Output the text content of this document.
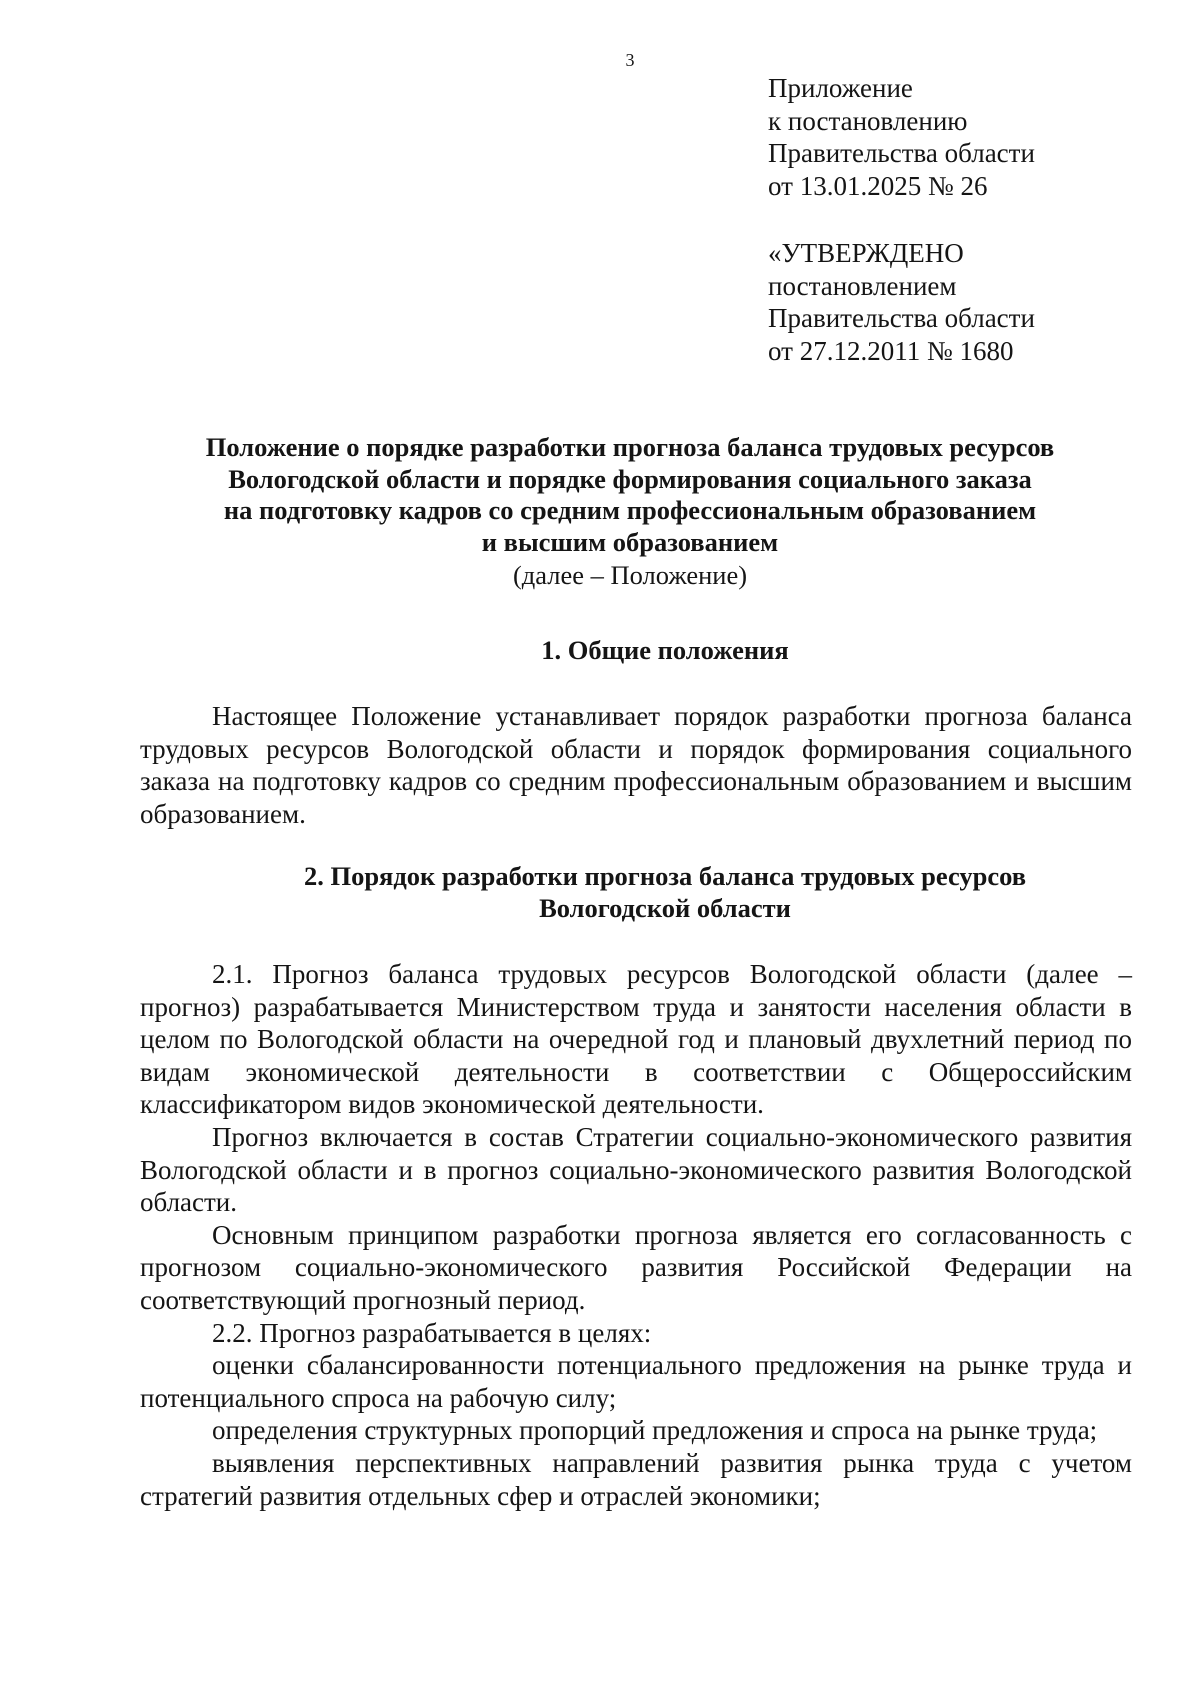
3
Приложение
к постановлению
Правительства области
от 13.01.2025 № 26
«УТВЕРЖДЕНО
постановлением
Правительства области
от 27.12.2011 № 1680
Положение о порядке разработки прогноза баланса трудовых ресурсов
Вологодской области и порядке формирования социального заказа
на подготовку кадров со средним профессиональным образованием
и высшим образованием
(далее – Положение)
1. Общие положения

Настоящее Положение устанавливает порядок разработки прогноза баланса трудовых ресурсов Вологодской области и порядок формирования социального заказа на подготовку кадров со средним профессиональным образованием и высшим образованием.

2. Порядок разработки прогноза баланса трудовых ресурсов
Вологодской области

2.1. Прогноз баланса трудовых ресурсов Вологодской области (далее – прогноз) разрабатывается Министерством труда и занятости населения области в целом по Вологодской области на очередной год и плановый двухлетний период по видам экономической деятельности в соответствии с Общероссийским классификатором видов экономической деятельности.

Прогноз включается в состав Стратегии социально-экономического развития Вологодской области и в прогноз социально-экономического развития Вологодской области.

Основным принципом разработки прогноза является его согласованность с прогнозом социально-экономического развития Российской Федерации на соответствующий прогнозный период.

2.2. Прогноз разрабатывается в целях:

оценки сбалансированности потенциального предложения на рынке труда и потенциального спроса на рабочую силу;

определения структурных пропорций предложения и спроса на рынке труда;

выявления перспективных направлений развития рынка труда с учетом стратегий развития отдельных сфер и отраслей экономики;
